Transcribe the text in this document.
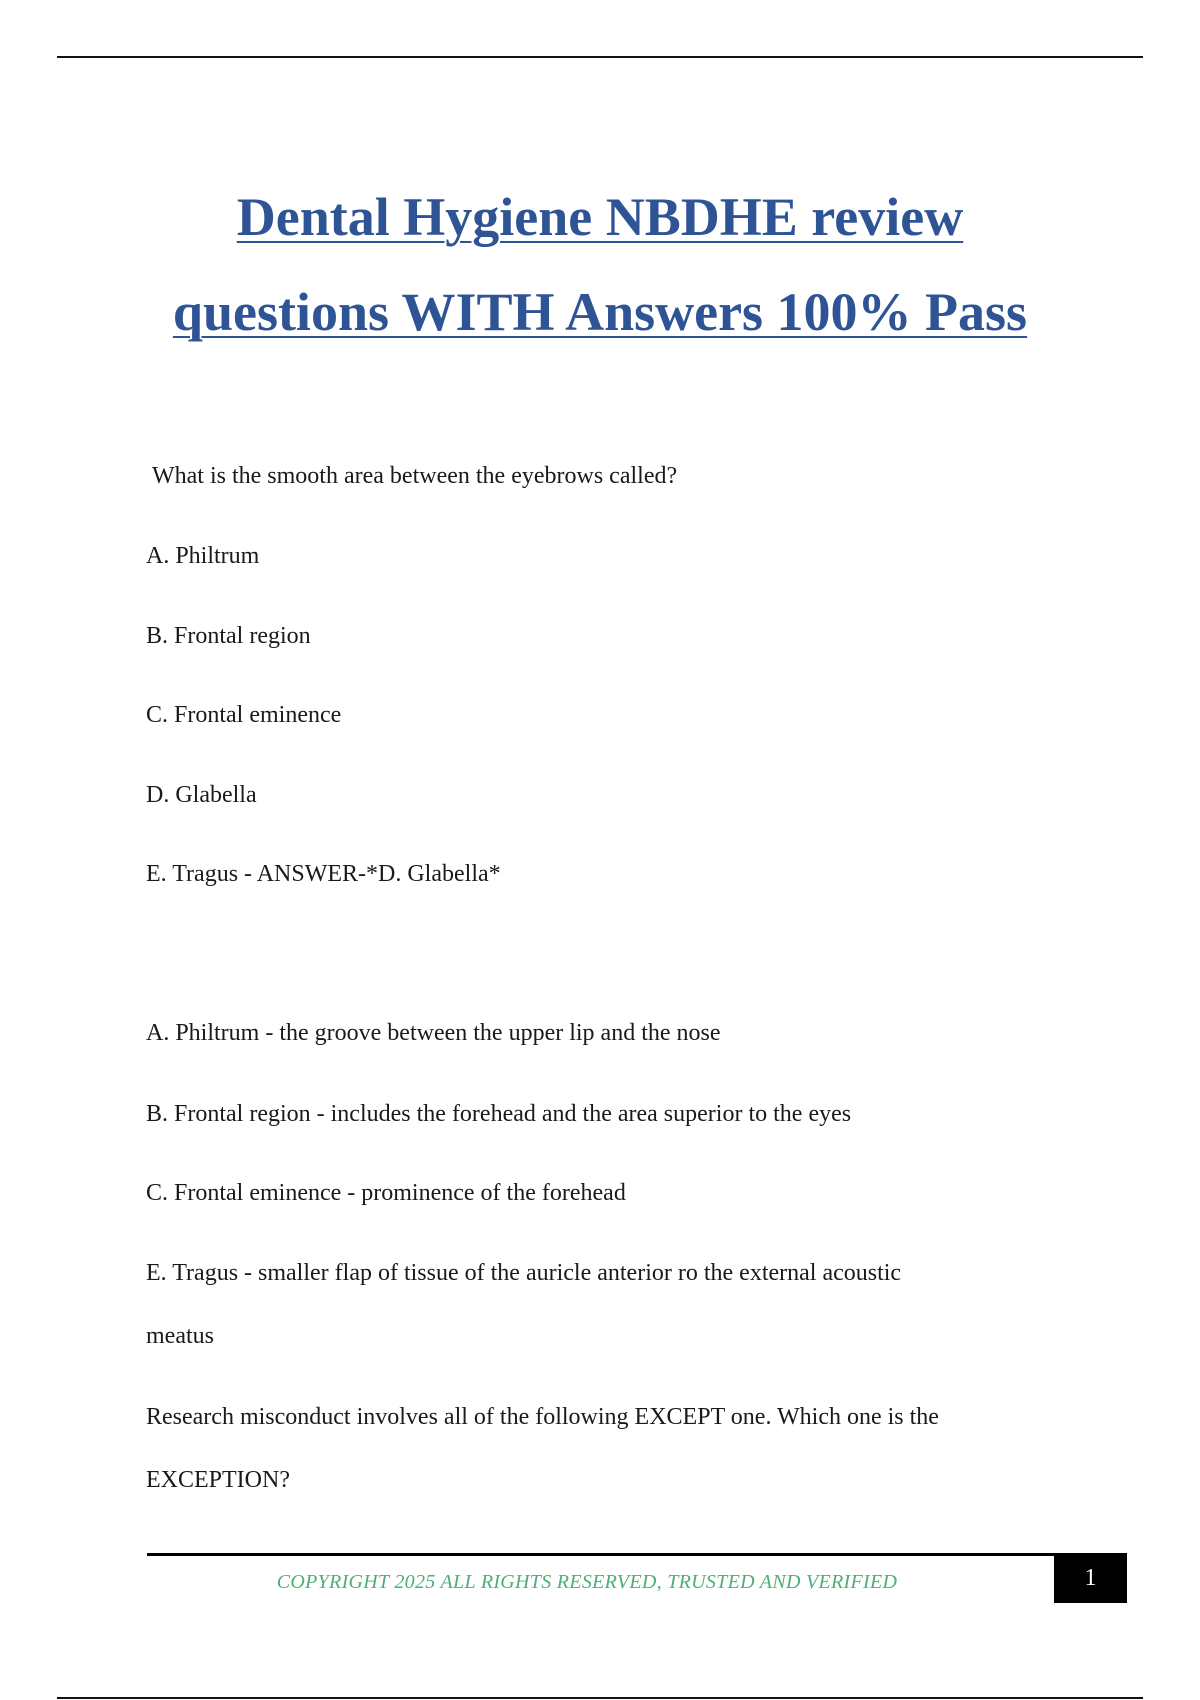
Dental Hygiene NBDHE review
questions WITH Answers 100% Pass

What is the smooth area between the eyebrows called?

A. Philtrum

B. Frontal region

C. Frontal eminence

D. Glabella

E. Tragus - ANSWER-*D. Glabella*

A. Philtrum - the groove between the upper lip and the nose

B. Frontal region - includes the forehead and the area superior to the eyes

C. Frontal eminence - prominence of the forehead

E. Tragus - smaller flap of tissue of the auricle anterior ro the external acoustic

meatus

Research misconduct involves all of the following EXCEPT one. Which one is the

EXCEPTION?

COPYRIGHT 2025 ALL RIGHTS RESERVED, TRUSTED AND VERIFIED	1
